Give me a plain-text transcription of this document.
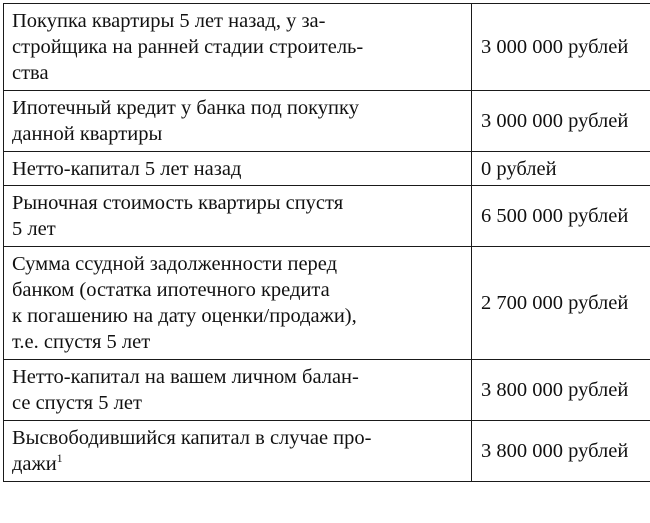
Покупка квартиры 5 лет назад, у за-
стройщика на ранней стадии строитель-
ства	3 000 000 рублей

Ипотечный кредит у банка под покупку
данной квартиры	3 000 000 рублей

Нетто-капитал 5 лет назад	0 рублей

Рыночная стоимость квартиры спустя
5 лет	6 500 000 рублей

Сумма ссудной задолженности перед
банком (остатка ипотечного кредита
к погашению на дату оценки/продажи),
т.е. спустя 5 лет	2 700 000 рублей

Нетто-капитал на вашем личном балан-
се спустя 5 лет	3 800 000 рублей

Высвободившийся капитал в случае про-
дажи$^1$	3 800 000 рублей
